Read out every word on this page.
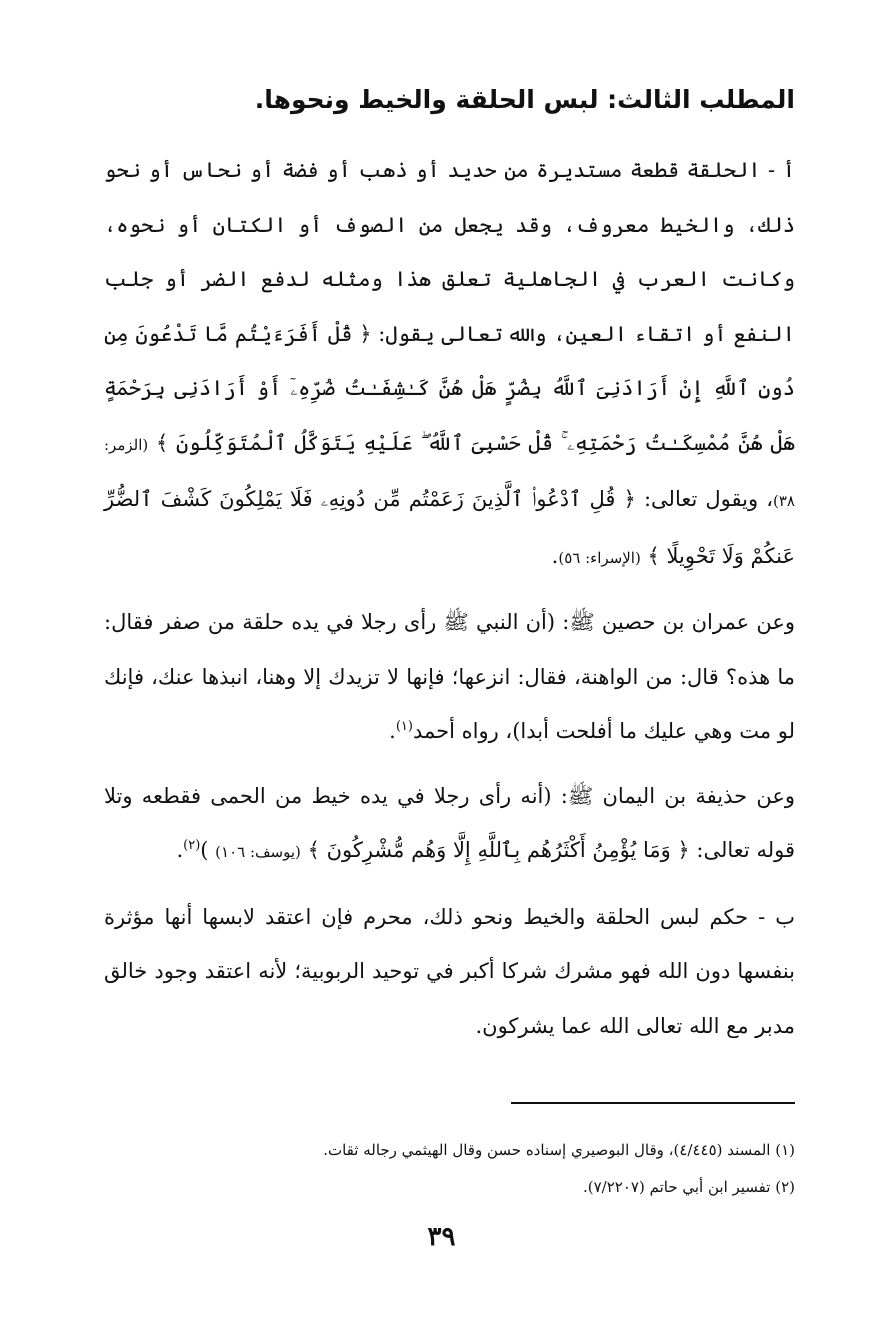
المطلب الثالث: لبس الحلقة والخيط ونحوها.

أ - الحلقة قطعة مستديرة من حديد أو ذهب أو فضة أو نحاس أو نحو ذلك، والخيط معروف، وقد يجعل من الصوف أو الكتان أو نحوه، وكانت العرب في الجاهلية تعلق هذا ومثله لدفع الضر أو جلب النفع أو اتقاء العين، والله تعالى يقول: ﴿ قُلْ أَفَرَءَيْتُم مَّا تَدْعُونَ مِن دُونِ ٱللَّهِ إِنْ أَرَادَنِىَ ٱللَّهُ بِضُرٍّ هَلْ هُنَّ كَـٰشِفَـٰتُ ضُرِّهِۦٓ أَوْ أَرَادَنِى بِرَحْمَةٍ هَلْ هُنَّ مُمْسِكَـٰتُ رَحْمَتِهِۦ ۚ قُلْ حَسْبِىَ ٱللَّهُ ۖ عَلَيْهِ يَتَوَكَّلُ ٱلْمُتَوَكِّلُونَ ﴾ (الزمر: ٣٨)، ويقول تعالى: ﴿ قُلِ ٱدْعُوا۟ ٱلَّذِينَ زَعَمْتُم مِّن دُونِهِۦ فَلَا يَمْلِكُونَ كَشْفَ ٱلضُّرِّ عَنكُمْ وَلَا تَحْوِيلًا ﴾ (الإسراء: ٥٦).

وعن عمران بن حصين ﷺ: (أن النبي ﷺ رأى رجلا في يده حلقة من صفر فقال: ما هذه؟ قال: من الواهنة، فقال: انزعها؛ فإنها لا تزيدك إلا وهنا، انبذها عنك، فإنك لو مت وهي عليك ما أفلحت أبدا)، رواه أحمد$^{(١)}$.

وعن حذيفة بن اليمان ﷺ: (أنه رأى رجلا في يده خيط من الحمى فقطعه وتلا قوله تعالى: ﴿ وَمَا يُؤْمِنُ أَكْثَرُهُم بِٱللَّهِ إِلَّا وَهُم مُّشْرِكُونَ ﴾ (يوسف: ١٠٦) )$^{(٢)}$.

ب - حكم لبس الحلقة والخيط ونحو ذلك، محرم فإن اعتقد لابسها أنها مؤثرة بنفسها دون الله فهو مشرك شركا أكبر في توحيد الربوبية؛ لأنه اعتقد وجود خالق مدبر مع الله تعالى الله عما يشركون.

(١) المسند (٤/٤٤٥)، وقال البوصيري إسناده حسن وقال الهيثمي رجاله ثقات.
(٢) تفسير ابن أبي حاتم (٧/٢٢٠٧).
٣٩
